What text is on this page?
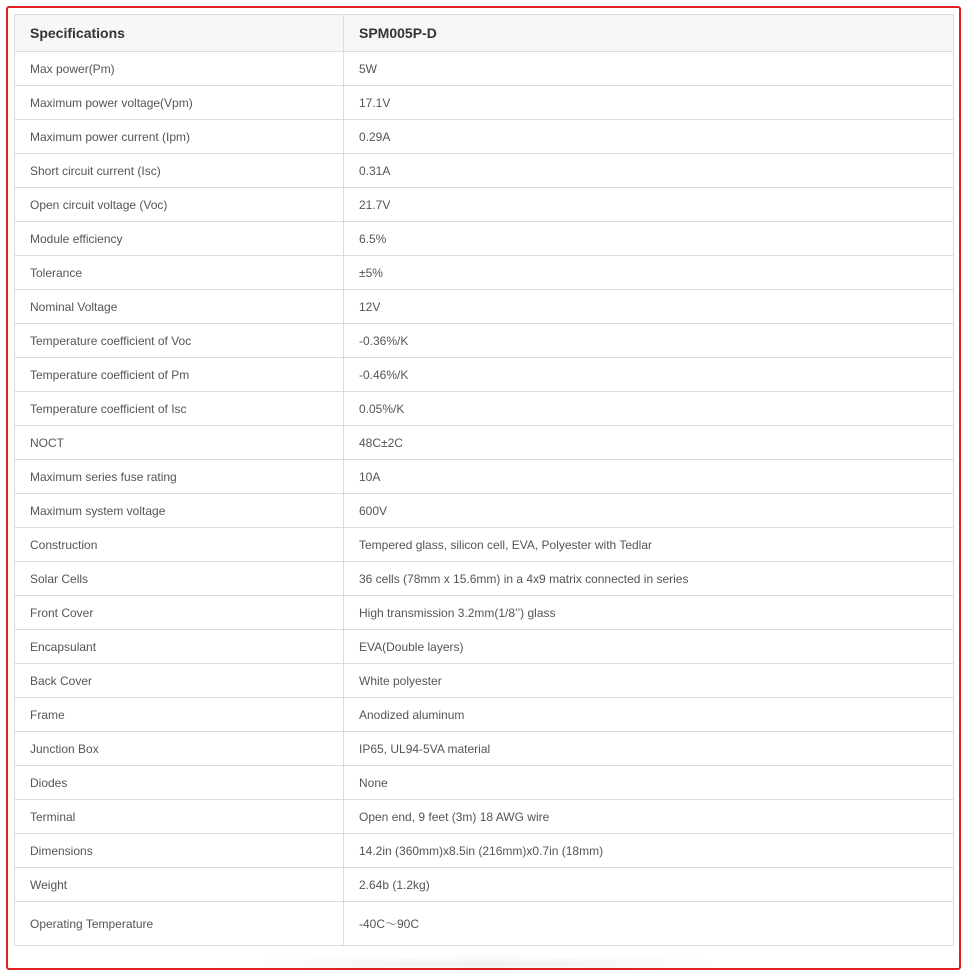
Specifications	SPM005P-D
Max power(Pm)	5W
Maximum power voltage(Vpm)	17.1V
Maximum power current (Ipm)	0.29A
Short circuit current (Isc)	0.31A
Open circuit voltage (Voc)	21.7V
Module efficiency	6.5%
Tolerance	±5%
Nominal Voltage	12V
Temperature coefficient of Voc	-0.36%/K
Temperature coefficient of Pm	-0.46%/K
Temperature coefficient of Isc	0.05%/K
NOCT	48C±2C
Maximum series fuse rating	10A
Maximum system voltage	600V
Construction	Tempered glass, silicon cell, EVA, Polyester with Tedlar
Solar Cells	36 cells (78mm x 15.6mm) in a 4x9 matrix connected in series
Front Cover	High transmission 3.2mm(1/8’’) glass
Encapsulant	EVA(Double layers)
Back Cover	White polyester
Frame	Anodized aluminum
Junction Box	IP65, UL94-5VA material
Diodes	None
Terminal	Open end, 9 feet (3m) 18 AWG wire
Dimensions	14.2in (360mm)x8.5in (216mm)x0.7in (18mm)
Weight	2.64b (1.2kg)
Operating Temperature	-40C～90C
